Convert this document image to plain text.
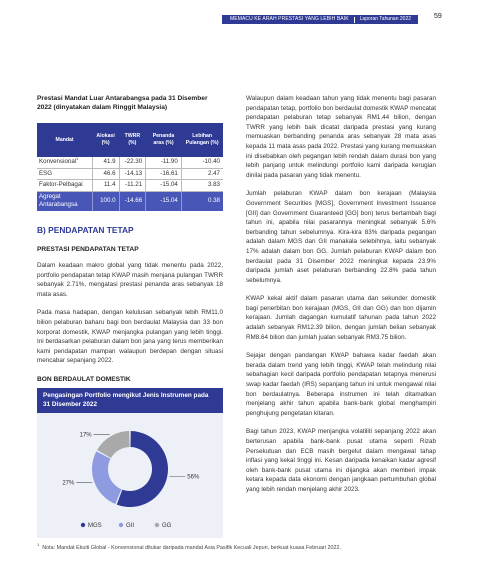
MEMACU KE ARAH PRESTASI YANG LEBIH BAIK Laporan Tahunan 2022	59
Prestasi Mandat Luar Antarabangsa pada 31 Disember 2022 (dinyatakan dalam Ringgit Malaysia)
Mandat	Alokasi (%)	TWRR (%)	Penanda aras (%)	Lebihan Pulangan (%)
Konvensional$^1$	41.9	-22.30	-11.90	-10.40
ESG	46.6	-14.13	-16.61	2.47
Faktor-Pelbagai	11.4	-11.21	-15.04	3.83
Agregat Antarabangsa	100.0	-14.66	-15.04	0.38
B) PENDAPATAN TETAP
PRESTASI PENDAPATAN TETAP

Dalam keadaan makro global yang tidak menentu pada 2022, portfolio pendapatan tetap KWAP masih menjana pulangan TWRR sebanyak 2.71%, mengatasi prestasi penanda aras sebanyak 18 mata asas.

Pada masa hadapan, dengan kelulusan sebanyak lebih RM11.0 bilion pelaburan baharu bagi bon berdaulat Malaysia dan 33 bon korporat domestik, KWAP menjangka pulangan yang lebih tinggi. Ini berdasarkan pelaburan dalam bon jana yang terus memberikan kami pendapatan mampan walaupun berdepan dengan situasi mencabar sepanjang 2022.

BON BERDAULAT DOMESTIK
Pengasingan Portfolio mengikut Jenis Instrumen pada 31 Disember 2022
56%
27%
17%
MGS	GII	GG

Walaupun dalam keadaan tahun yang tidak menentu bagi pasaran pendapatan tetap, portfolio bon berdaulat domestik KWAP mencatat pendapatan pelaburan tetap sebanyak RM1.44 bilion, dengan TWRR yang lebih baik dicatat daripada prestasi yang kurang memuaskan berbanding penanda aras sebanyak 28 mata asas kepada 11 mata asas pada 2022. Prestasi yang kurang memuaskan ini disebabkan oleh pegangan lebih rendah dalam durasi bon yang lebih panjang untuk melindungi portfolio kami daripada kerugian dinilai pada pasaran yang tidak menentu.

Jumlah pelaburan KWAP dalam bon kerajaan (Malaysia Government Securities [MGS], Government Investment Issuance [GII] dan Government Guaranteed [GG] bon) terus bertambah bagi tahun ini, apabila nilai pasarannya meningkat sebanyak 5.6% berbanding tahun sebelumnya. Kira-kira 83% daripada pegangan adalah dalam MGS dan GII manakala selebihnya, iaitu sebanyak 17% adalah dalam bon GG. Jumlah pelaburan KWAP dalam bon berdaulat pada 31 Disember 2022 meningkat kepada 23.9% daripada jumlah aset pelaburan berbanding 22.8% pada tahun sebelumnya.

KWAP kekal aktif dalam pasaran utama dan sekunder domestik bagi penerbitan bon kerajaan (MGS, GII dan GG) dan bon dijamin kerajaan. Jumlah dagangan kumulatif tahunan pada tahun 2022 adalah sebanyak RM12.39 bilion, dengan jumlah belian sebanyak RM8.64 bilion dan jumlah jualan sebanyak RM3.75 bilion.

Sejajar dengan pandangan KWAP bahawa kadar faedah akan berada dalam trend yang lebih tinggi, KWAP telah melindung nilai sebahagian kecil daripada portfolio pendapatan tetapnya menerusi swap kadar faedah (IRS) sepanjang tahun ini untuk mengawal nilai bon berdaulatnya. Beberapa instrumen ini telah ditamatkan menjelang akhir tahun apabila bank-bank global menghampiri penghujung pengetatan kitaran.

Bagi tahun 2023, KWAP menjangka volatiliti sepanjang 2022 akan berterusan apabila bank-bank pusat utama seperti Rizab Persekutuan dan ECB masih bergelut dalam mengawal tahap inflasi yang kekal tinggi ini. Kesan daripada kenaikan kadar agresif oleh bank-bank pusat utama ini dijangka akan memberi impak ketara kepada data ekonomi dengan jangkaan pertumbuhan global yang lebih rendah menjelang akhir 2023.

$^1$  Nota: Mandat Ekuiti Global - Konvensional ditukar daripada mandat Asia Pasifik Kecuali Jepun, berkuat kuasa Februari 2022.
